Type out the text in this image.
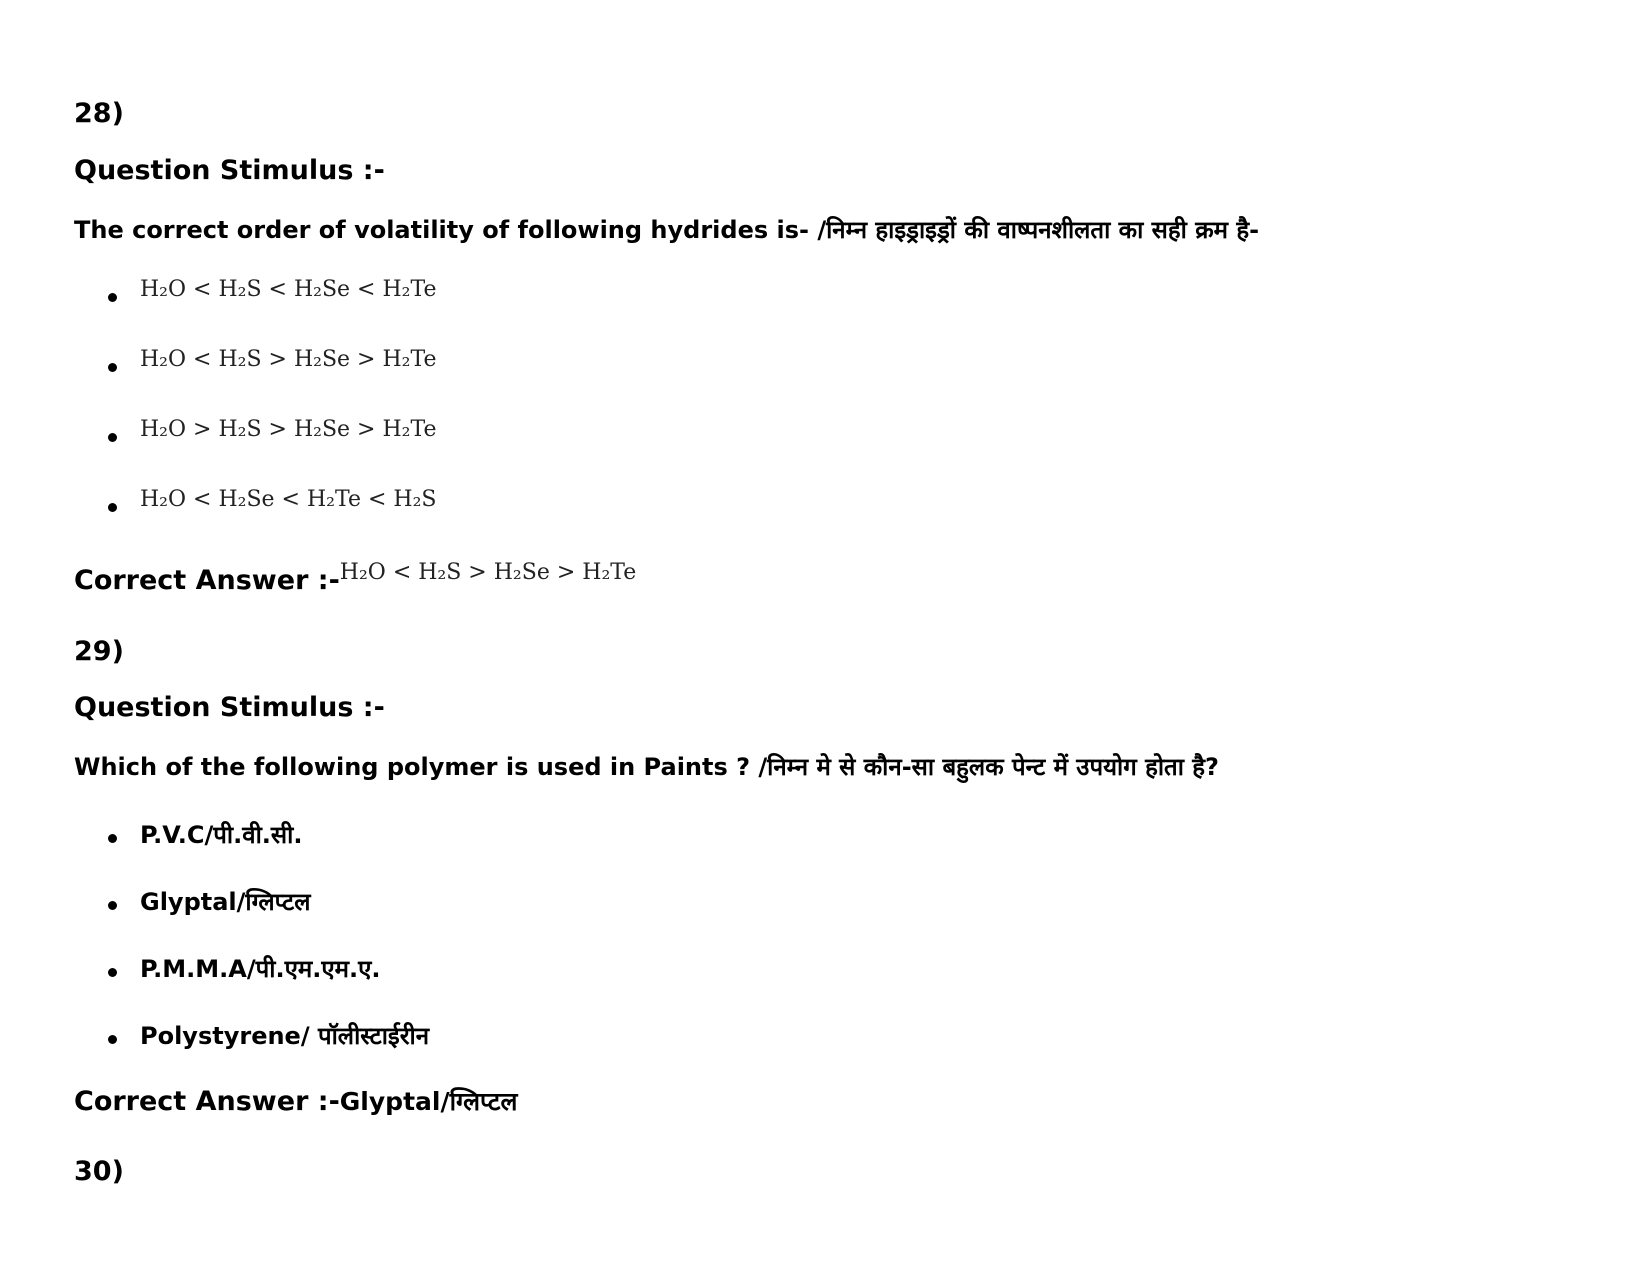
28)
Question Stimulus :-
The correct order of volatility of following hydrides is- /निम्न हाइड्राइड्रों की वाष्पनशीलता का सही क्रम है-
H₂O < H₂S < H₂Se < H₂Te
H₂O < H₂S > H₂Se > H₂Te
H₂O > H₂S > H₂Se > H₂Te
H₂O < H₂Se < H₂Te < H₂S
Correct Answer :-$^{H_2O < H_2S > H_2Se > H_2Te}$
29)
Question Stimulus :-
Which of the following polymer is used in Paints ? /निम्न मे से कौन-सा बहुलक पेन्ट में उपयोग होता है?
P.V.C/पी.वी.सी.
Glyptal/ग्लिप्टल
P.M.M.A/पी.एम.एम.ए.
Polystyrene/ पॉलीस्टाईरीन
Correct Answer :-Glyptal/ग्लिप्टल
30)
